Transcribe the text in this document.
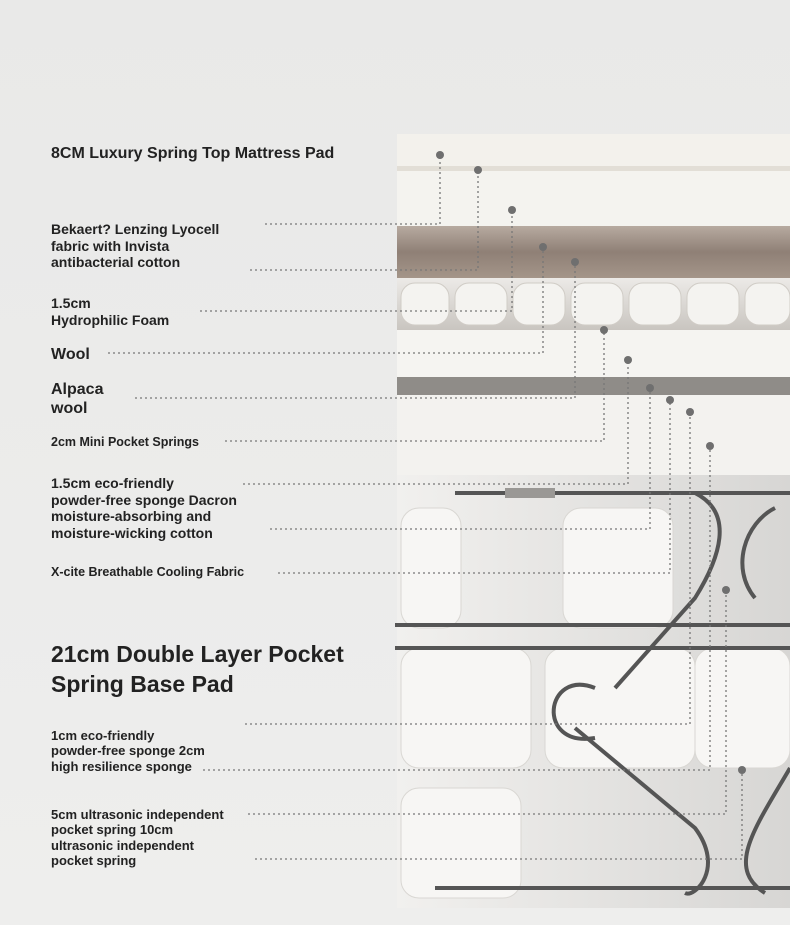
8CM Luxury Spring Top Mattress Pad
Bekaert? Lenzing Lyocell
fabric with Invista
antibacterial cotton
1.5cm
Hydrophilic Foam
Wool
Alpaca
wool
2cm Mini Pocket Springs
1.5cm eco-friendly
powder-free sponge Dacron
moisture-absorbing and
moisture-wicking cotton
X-cite Breathable Cooling Fabric
21cm Double Layer Pocket
Spring Base Pad
1cm eco-friendly
powder-free sponge 2cm
high resilience sponge
5cm ultrasonic independent
pocket spring 10cm
ultrasonic independent
pocket spring
